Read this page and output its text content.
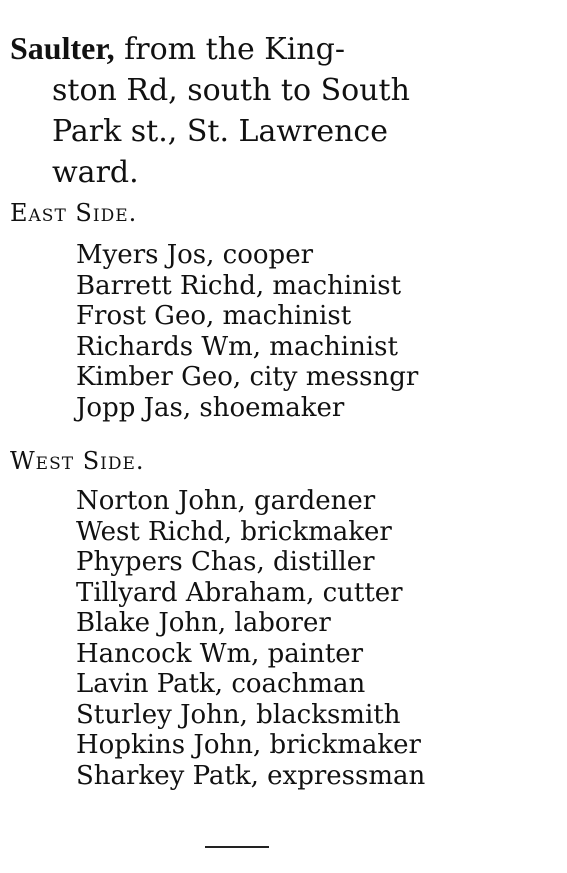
Saulter, from the King-
ston Rd, south to South
Park st., St. Lawrence
ward.
East Side.
Myers Jos, cooper
Barrett Richd, machinist
Frost Geo, machinist
Richards Wm, machinist
Kimber Geo, city messngr
Jopp Jas, shoemaker
West Side.
Norton John, gardener
West Richd, brickmaker
Phypers Chas, distiller
Tillyard Abraham, cutter
Blake John, laborer
Hancock Wm, painter
Lavin Patk, coachman
Sturley John, blacksmith
Hopkins John, brickmaker
Sharkey Patk, expressman
